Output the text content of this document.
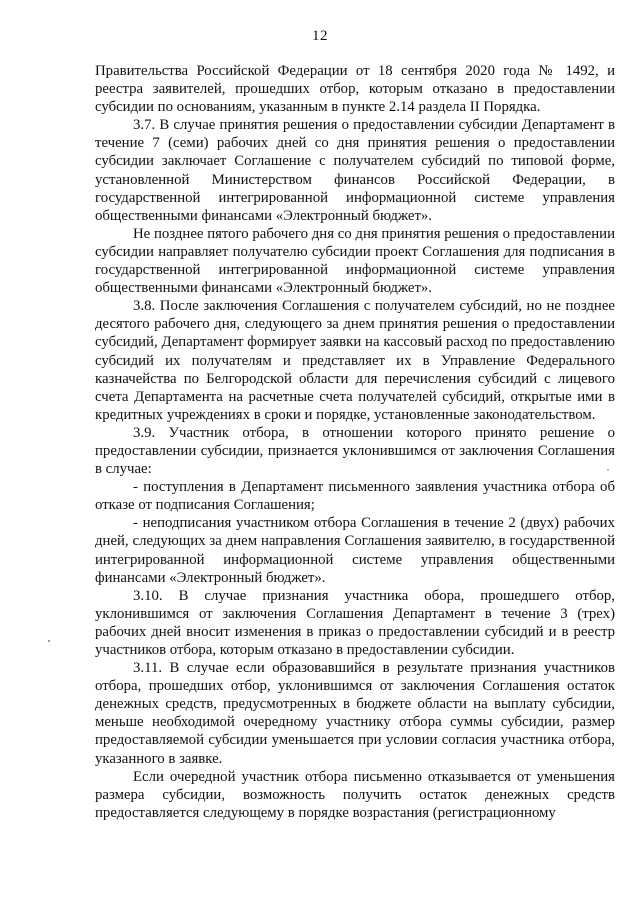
12

Правительства Российской Федерации от 18 сентября 2020 года № 1492, и реестра заявителей, прошедших отбор, которым отказано в предоставлении субсидии по основаниям, указанным в пункте 2.14 раздела II Порядка.

3.7. В случае принятия решения о предоставлении субсидии Департамент в течение 7 (семи) рабочих дней со дня принятия решения о предоставлении субсидии заключает Соглашение с получателем субсидий по типовой форме, установленной Министерством финансов Российской Федерации, в государственной интегрированной информационной системе управления общественными финансами «Электронный бюджет».

Не позднее пятого рабочего дня со дня принятия решения о предоставлении субсидии направляет получателю субсидии проект Соглашения для подписания в государственной интегрированной информационной системе управления общественными финансами «Электронный бюджет».

3.8. После заключения Соглашения с получателем субсидий, но не позднее десятого рабочего дня, следующего за днем принятия решения о предоставлении субсидий, Департамент формирует заявки на кассовый расход по предоставлению субсидий их получателям и представляет их в Управление Федерального казначейства по Белгородской области для перечисления субсидий с лицевого счета Департамента на расчетные счета получателей субсидий, открытые ими в кредитных учреждениях в сроки и порядке, установленные законодательством.

3.9. Участник отбора, в отношении которого принято решение о предоставлении субсидии, признается уклонившимся от заключения Соглашения в случае:

- поступления в Департамент письменного заявления участника отбора об отказе от подписания Соглашения;

- неподписания участником отбора Соглашения в течение 2 (двух) рабочих дней, следующих за днем направления Соглашения заявителю, в государственной интегрированной информационной системе управления общественными финансами «Электронный бюджет».

3.10. В случае признания участника обора, прошедшего отбор, уклонившимся от заключения Соглашения Департамент в течение 3 (трех) рабочих дней вносит изменения в приказ о предоставлении субсидий и в реестр участников отбора, которым отказано в предоставлении субсидии.

3.11. В случае если образовавшийся в результате признания участников отбора, прошедших отбор, уклонившимся от заключения Соглашения остаток денежных средств, предусмотренных в бюджете области на выплату субсидии, меньше необходимой очередному участнику отбора суммы субсидии, размер предоставляемой субсидии уменьшается при условии согласия участника отбора, указанного в заявке.

Если очередной участник отбора письменно отказывается от уменьшения размера субсидии, возможность получить остаток денежных средств предоставляется следующему в порядке возрастания (регистрационному
